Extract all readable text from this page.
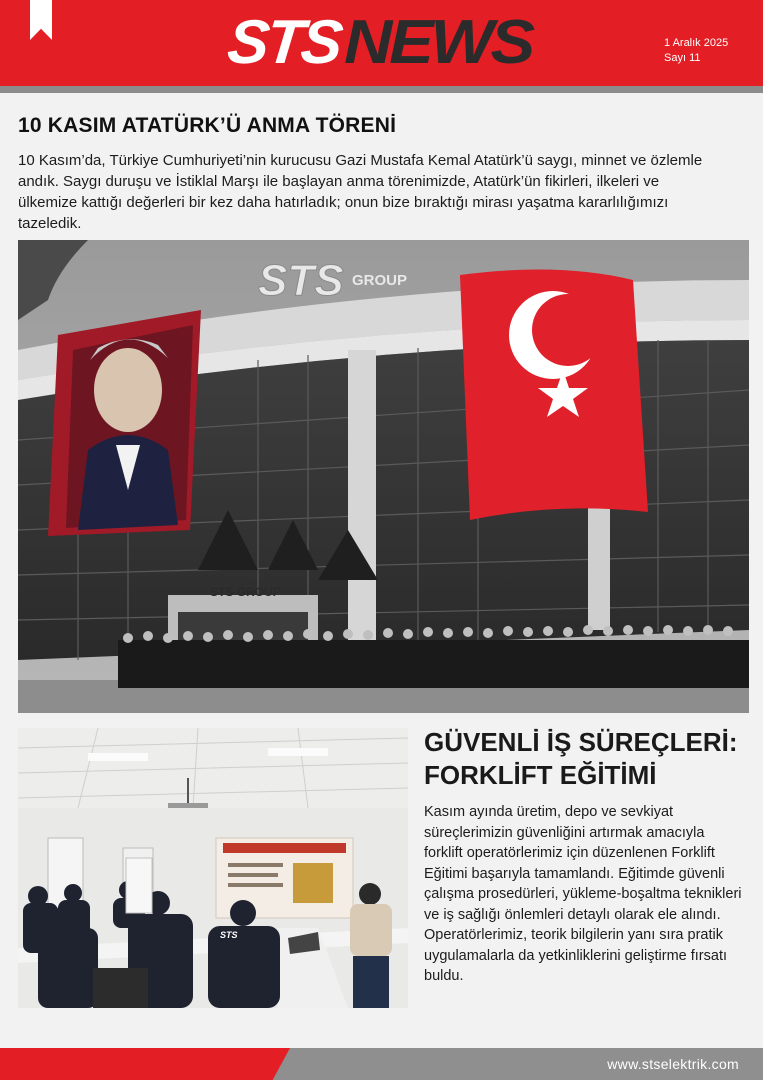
STS NEWS	1 Aralık 2025
Sayı 11
10 KASIM ATATÜRK’Ü ANMA TÖRENİ

10 Kasım’da, Türkiye Cumhuriyeti’nin kurucusu Gazi Mustafa Kemal Atatürk’ü saygı, minnet ve özlemle andık. Saygı duruşu ve İstiklal Marşı ile başlayan anma törenimizde, Atatürk’ün fikirleri, ilkeleri ve ülkemize kattığı değerleri bir kez daha hatırladık; onun bize bıraktığı mirası yaşatma kararlılığımızı tazeledik.

STS GROUP
STS GROUP
STS
GÜVENLİ İŞ SÜREÇLERİ:
FORKLİFT EĞİTİMİ

Kasım ayında üretim, depo ve sevkiyat süreçlerimizin güvenliğini artırmak amacıyla forklift operatörlerimiz için düzenlenen Forklift Eğitimi başarıyla tamamlandı. Eğitimde güvenli çalışma prosedürleri, yükleme-boşaltma teknikleri ve iş sağlığı önlemleri detaylı olarak ele alındı. Operatörlerimiz, teorik bilgilerin yanı sıra pratik uygulamalarla da yetkinliklerini geliştirme fırsatı buldu.

www.stselektrik.com
